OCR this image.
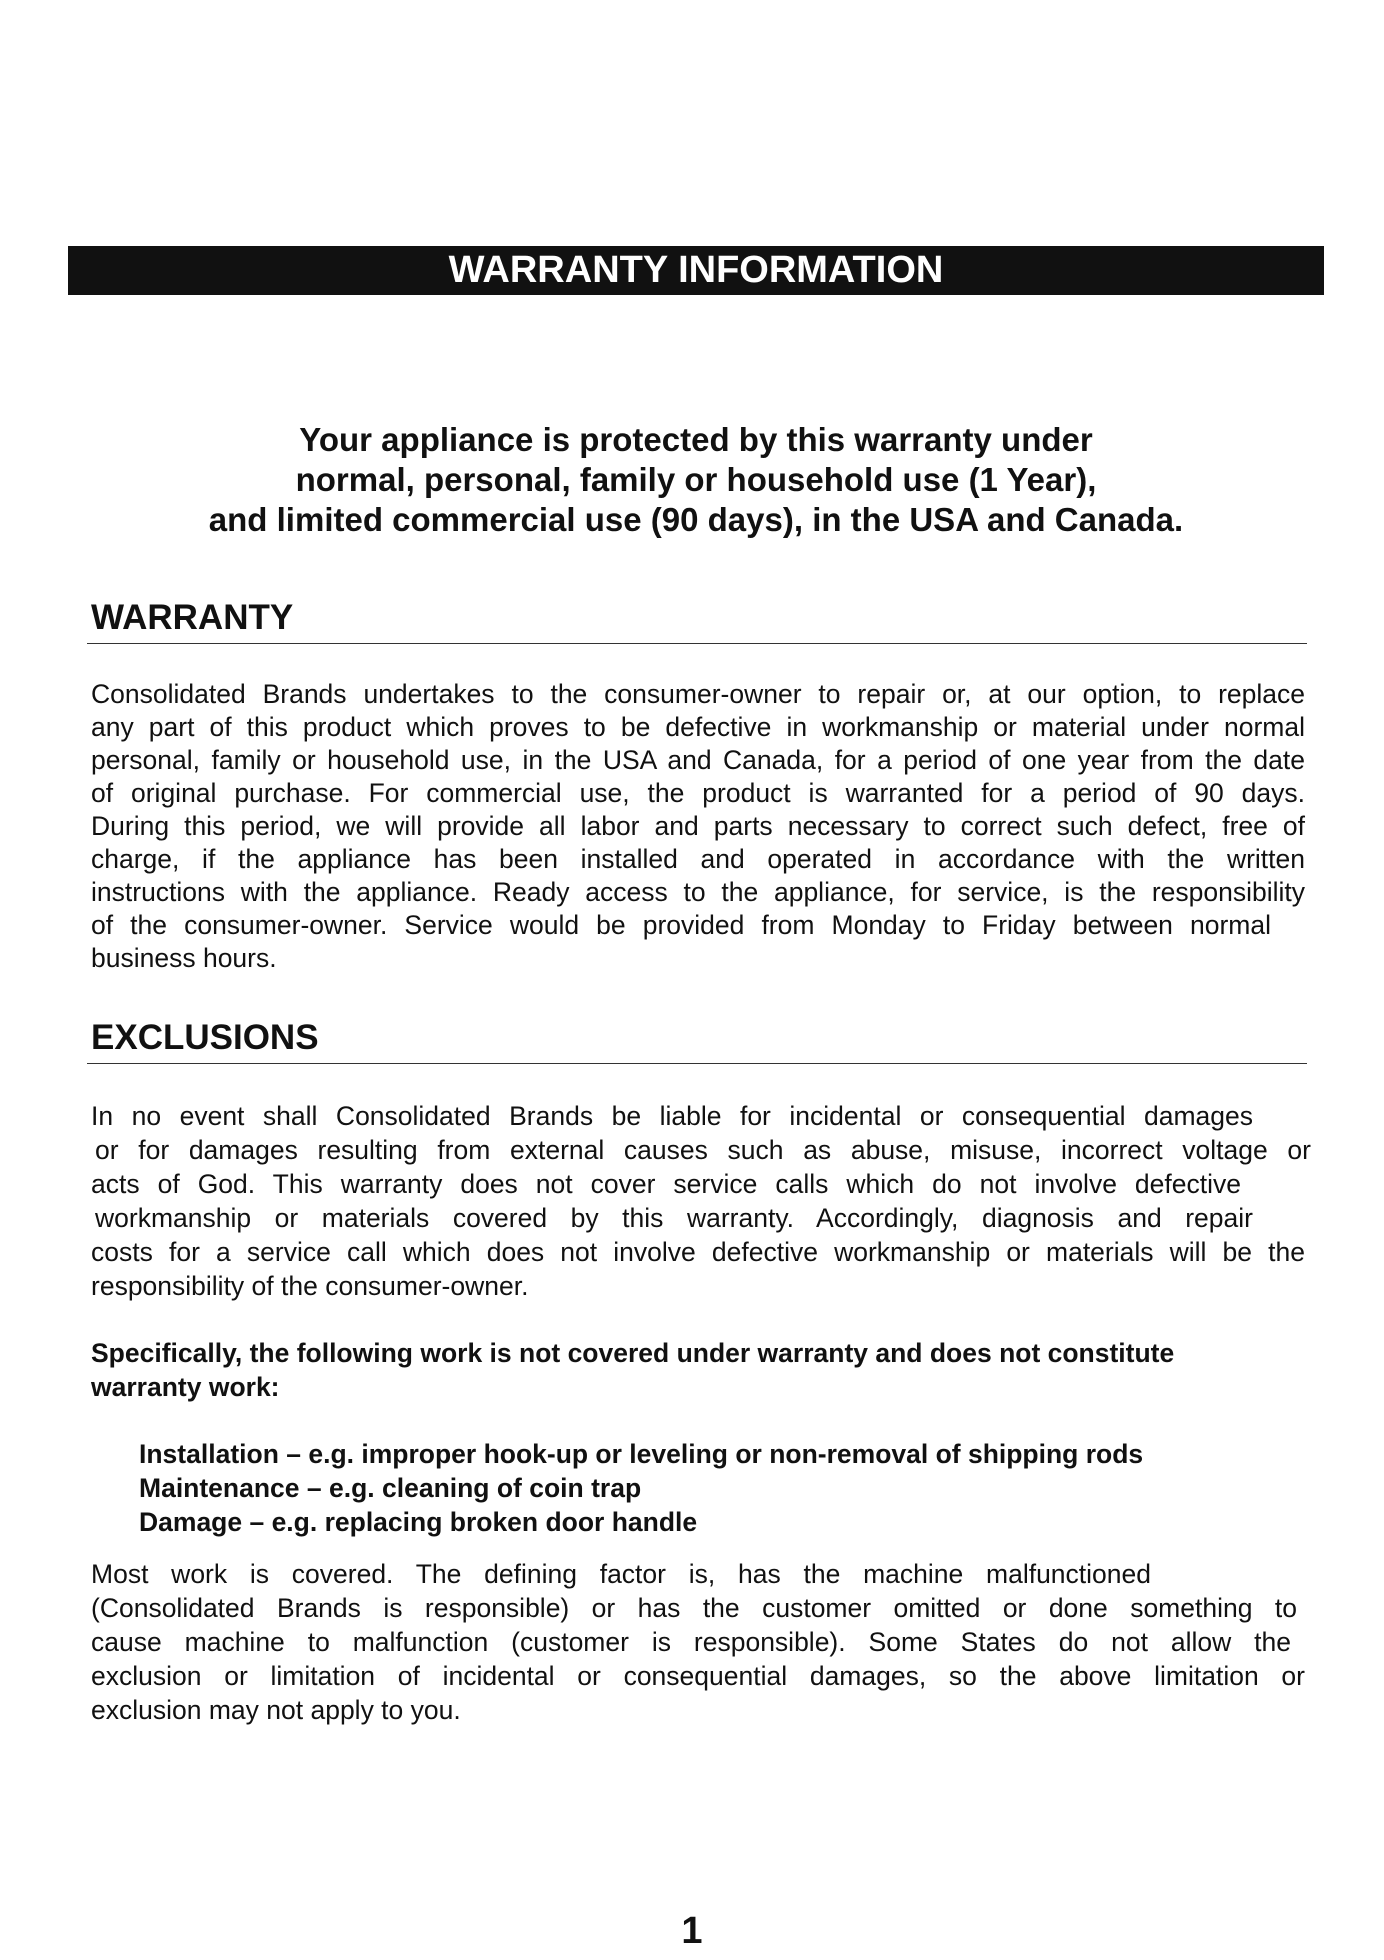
WARRANTY INFORMATION
Your appliance is protected by this warranty under
normal, personal, family or household use (1 Year),
and limited commercial use (90 days), in the USA and Canada.
WARRANTY
Consolidated Brands undertakes to the consumer-owner to repair or, at our option, to replace
any part of this product which proves to be defective in workmanship or material under normal
personal, family or household use, in the USA and Canada, for a period of one year from the date
of original purchase. For commercial use, the product is warranted for a period of 90 days.
During this period, we will provide all labor and parts necessary to correct such defect, free of
charge, if the appliance has been installed and operated in accordance with the written
instructions with the appliance. Ready access to the appliance, for service, is the responsibility
of the consumer-owner. Service would be provided from Monday to Friday between normal
business hours.
EXCLUSIONS
In no event shall Consolidated Brands be liable for incidental or consequential damages
or for damages resulting from external causes such as abuse, misuse, incorrect voltage or
acts of God. This warranty does not cover service calls which do not involve defective
workmanship or materials covered by this warranty. Accordingly, diagnosis and repair
costs for a service call which does not involve defective workmanship or materials will be the
responsibility of the consumer-owner.
Specifically, the following work is not covered under warranty and does not constitute
warranty work:
Installation – e.g. improper hook-up or leveling or non-removal of shipping rods
Maintenance – e.g. cleaning of coin trap
Damage – e.g. replacing broken door handle
Most work is covered. The defining factor is, has the machine malfunctioned
(Consolidated Brands is responsible) or has the customer omitted or done something to
cause machine to malfunction (customer is responsible). Some States do not allow the
exclusion or limitation of incidental or consequential damages, so the above limitation or
exclusion may not apply to you.
1
